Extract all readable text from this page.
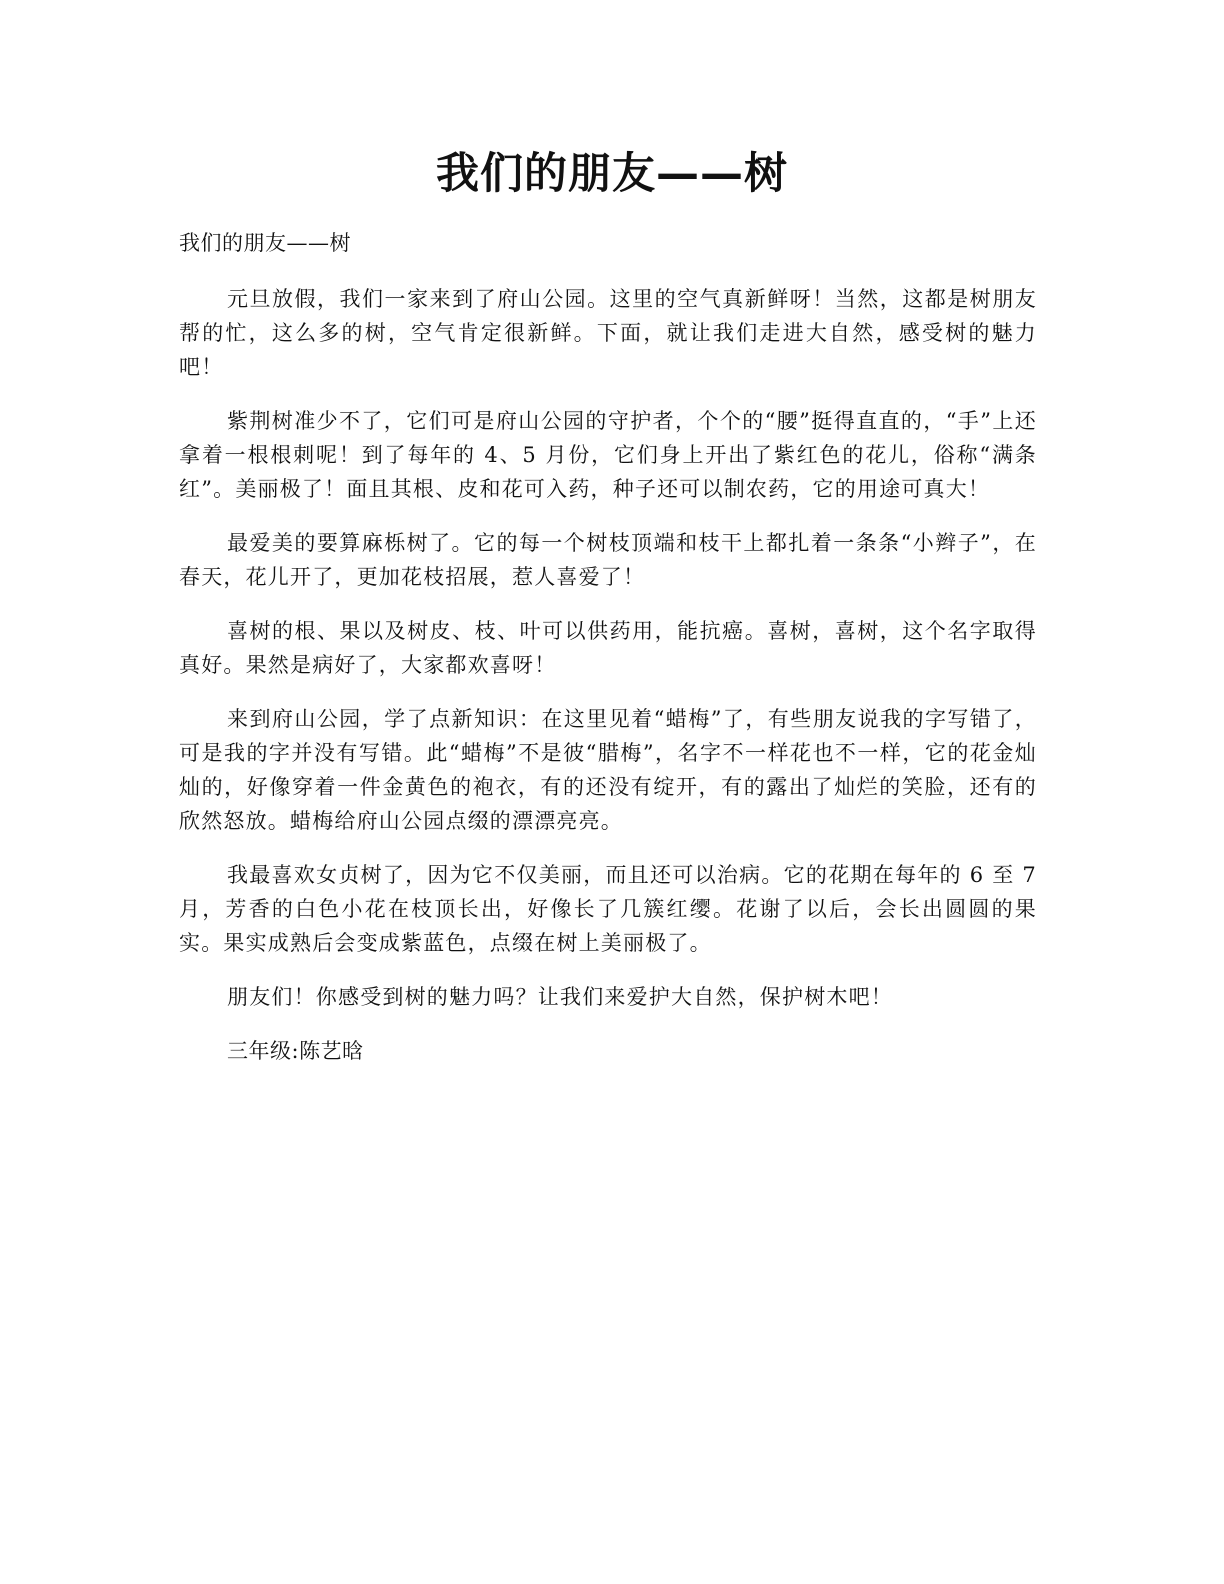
我们的朋友——树

我们的朋友——树

元旦放假，我们一家来到了府山公园。这里的空气真新鲜呀！当然，这都是树朋友帮的忙，这么多的树，空气肯定很新鲜。下面，就让我们走进大自然，感受树的魅力吧！

紫荆树准少不了，它们可是府山公园的守护者，个个的“腰”挺得直直的，“手”上还拿着一根根刺呢！到了每年的 4、5 月份，它们身上开出了紫红色的花儿，俗称“满条红”。美丽极了！面且其根、皮和花可入药，种子还可以制农药，它的用途可真大！

最爱美的要算麻栎树了。它的每一个树枝顶端和枝干上都扎着一条条“小辫子”，在春天，花儿开了，更加花枝招展，惹人喜爱了！

喜树的根、果以及树皮、枝、叶可以供药用，能抗癌。喜树，喜树，这个名字取得真好。果然是病好了，大家都欢喜呀！

来到府山公园，学了点新知识：在这里见着“蜡梅”了，有些朋友说我的字写错了，可是我的字并没有写错。此“蜡梅”不是彼“腊梅”，名字不一样花也不一样，它的花金灿灿的，好像穿着一件金黄色的袍衣，有的还没有绽开，有的露出了灿烂的笑脸，还有的欣然怒放。蜡梅给府山公园点缀的漂漂亮亮。

我最喜欢女贞树了，因为它不仅美丽，而且还可以治病。它的花期在每年的 6 至 7 月，芳香的白色小花在枝顶长出，好像长了几簇红缨。花谢了以后，会长出圆圆的果实。果实成熟后会变成紫蓝色，点缀在树上美丽极了。

朋友们！你感受到树的魅力吗？让我们来爱护大自然，保护树木吧！

三年级:陈艺晗
